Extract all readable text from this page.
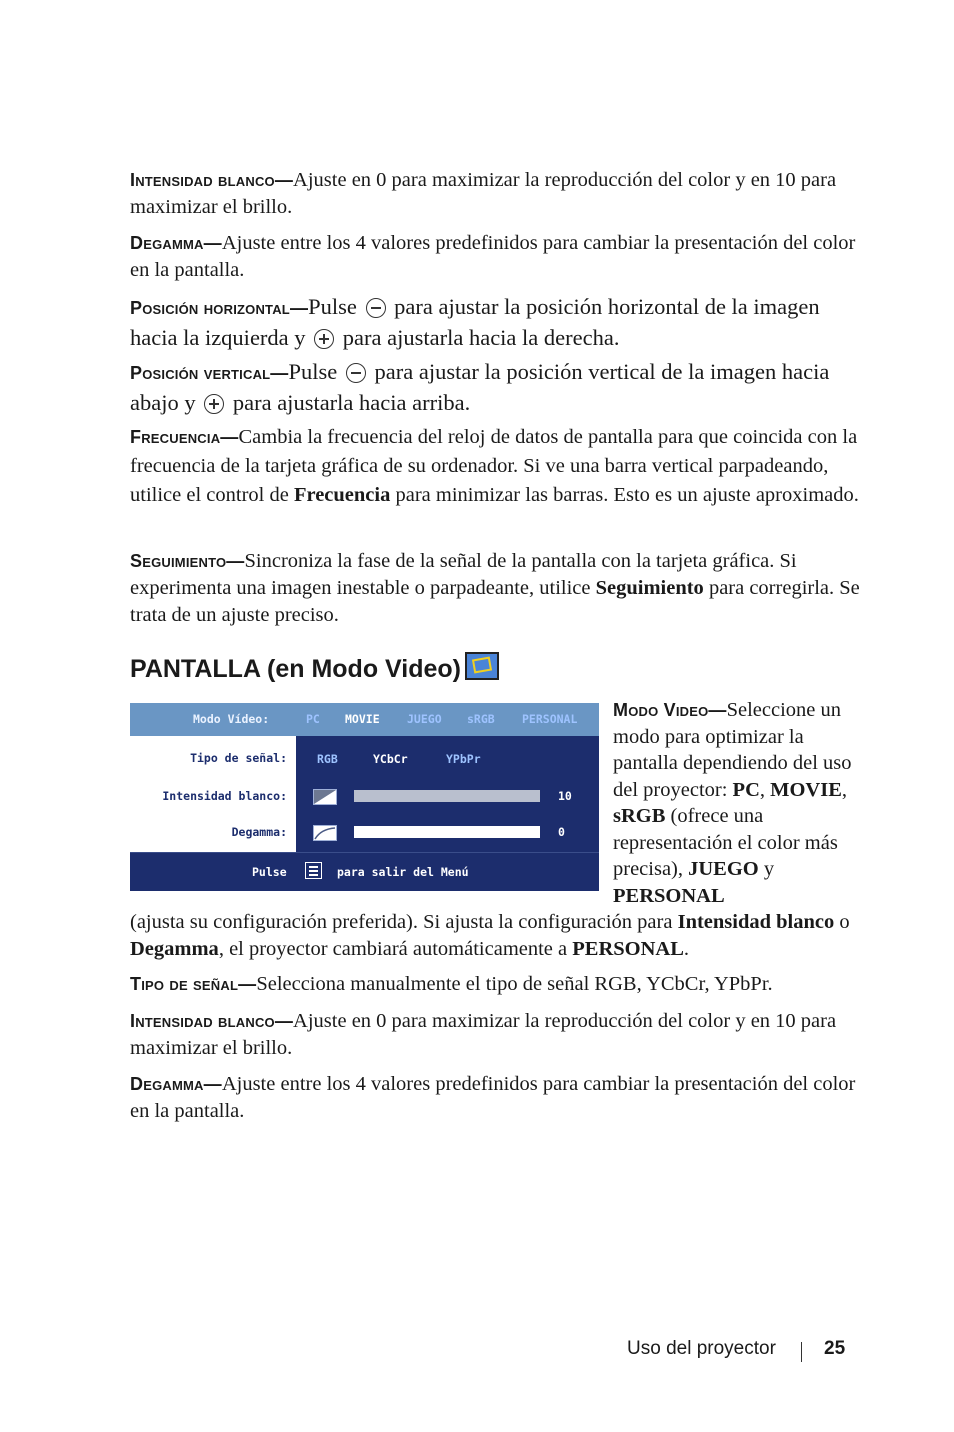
Intensidad blanco—Ajuste en 0 para maximizar la reproducción del color y en 10 para maximizar el brillo.

Degamma—Ajuste entre los 4 valores predefinidos para cambiar la presentación del color en la pantalla.

Posición horizontal—Pulse para ajustar la posición horizontal de la imagen hacia la izquierda y para ajustarla hacia la derecha.

Posición vertical—Pulse para ajustar la posición vertical de la imagen hacia abajo y para ajustarla hacia arriba.

Frecuencia—Cambia la frecuencia del reloj de datos de pantalla para que coincida con la frecuencia de la tarjeta gráfica de su ordenador. Si ve una barra vertical parpadeando, utilice el control de Frecuencia para minimizar las barras. Esto es un ajuste aproximado.

Seguimiento—Sincroniza la fase de la señal de la pantalla con la tarjeta gráfica. Si experimenta una imagen inestable o parpadeante, utilice Seguimiento para corregirla. Se trata de un ajuste preciso.

PANTALLA (en Modo Video)
Modo Vídeo:	PC MOVIE JUEGO sRGB PERSONAL
Tipo de señal:	RGB	YCbCr	YPbPr
Intensidad blanco:	10
Degamma:	0
Pulse	para salir del Menú

Modo Video—Seleccione un modo para optimizar la pantalla dependiendo del uso del proyector: PC, MOVIE, sRGB (ofrece una representación el color más precisa), JUEGO y PERSONAL

(ajusta su configuración preferida). Si ajusta la configuración para Intensidad blanco o Degamma, el proyector cambiará automáticamente a PERSONAL.

Tipo de señal—Selecciona manualmente el tipo de señal RGB, YCbCr, YPbPr.

Intensidad blanco—Ajuste en 0 para maximizar la reproducción del color y en 10 para maximizar el brillo.

Degamma—Ajuste entre los 4 valores predefinidos para cambiar la presentación del color en la pantalla.

Uso del proyector	25
